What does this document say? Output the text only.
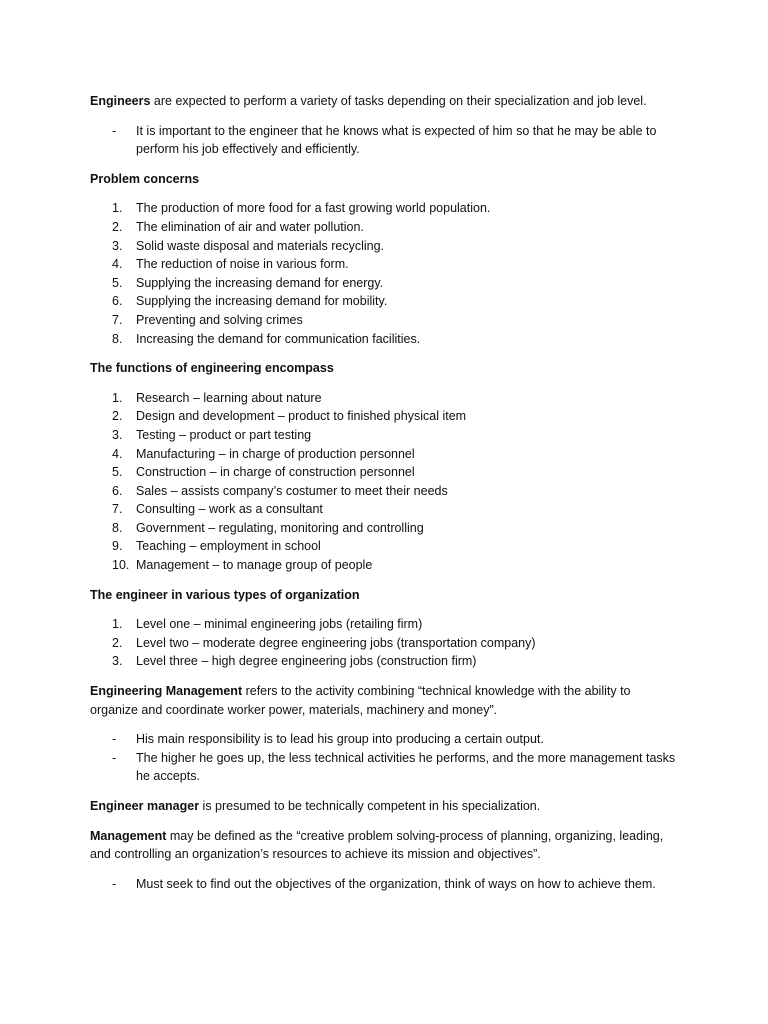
Engineers are expected to perform a variety of tasks depending on their specialization and job level.

- It is important to the engineer that he knows what is expected of him so that he may be able to perform his job effectively and efficiently.

Problem concerns

1.	The production of more food for a fast growing world population.
2.	The elimination of air and water pollution.
3.	Solid waste disposal and materials recycling.
4.	The reduction of noise in various form.
5.	Supplying the increasing demand for energy.
6.	Supplying the increasing demand for mobility.
7.	Preventing and solving crimes
8.	Increasing the demand for communication facilities.

The functions of engineering encompass

1.	Research – learning about nature
2.	Design and development – product to finished physical item
3.	Testing – product or part testing
4.	Manufacturing – in charge of production personnel
5.	Construction – in charge of construction personnel
6.	Sales – assists company’s costumer to meet their needs
7.	Consulting – work as a consultant
8.	Government – regulating, monitoring and controlling
9.	Teaching – employment in school
10. Management – to manage group of people

The engineer in various types of organization

1.	Level one – minimal engineering jobs (retailing firm)
2.	Level two – moderate degree engineering jobs (transportation company)
3.	Level three – high degree engineering jobs (construction firm)

Engineering Management refers to the activity combining “technical knowledge with the ability to organize and coordinate worker power, materials, machinery and money”.

- His main responsibility is to lead his group into producing a certain output.
- The higher he goes up, the less technical activities he performs, and the more management tasks he accepts.

Engineer manager is presumed to be technically competent in his specialization.

Management may be defined as the “creative problem solving-process of planning, organizing, leading, and controlling an organization’s resources to achieve its mission and objectives”.

- Must seek to find out the objectives of the organization, think of ways on how to achieve them.
